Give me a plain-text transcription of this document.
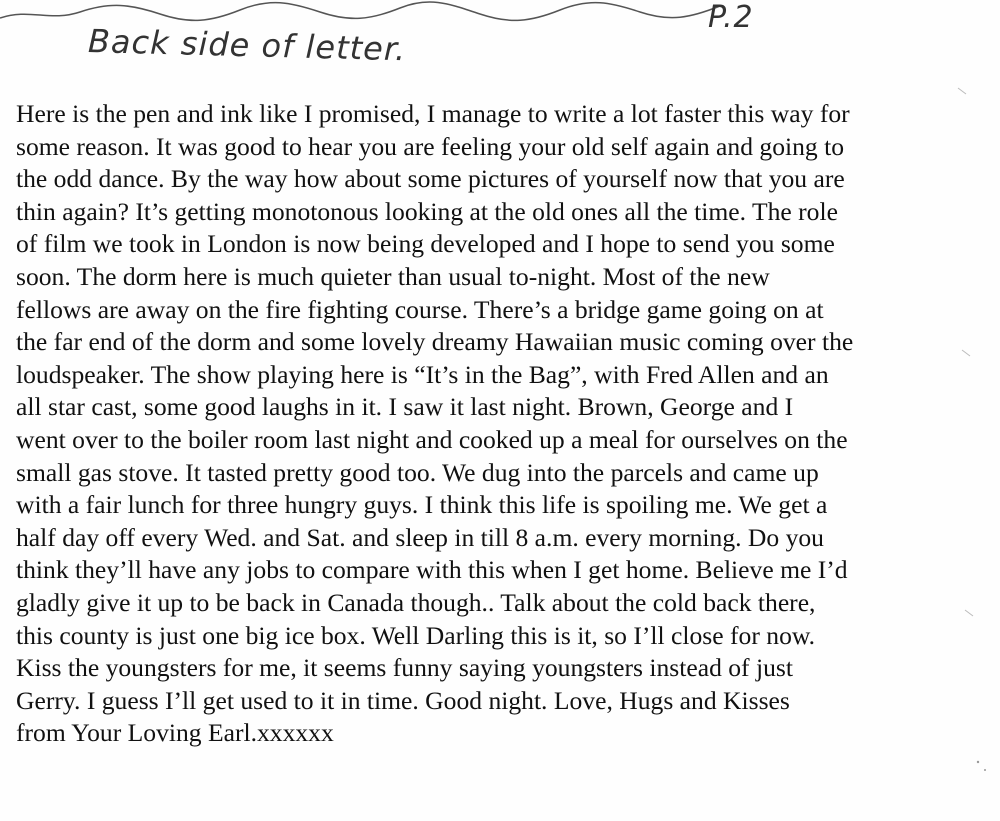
Back side of letter.
P.2
Here is the pen and ink like I promised, I manage to write a lot faster this way for
some reason. It was good to hear you are feeling your old self again and going to
the odd dance. By the way how about some pictures of yourself now that you are
thin again? It’s getting monotonous looking at the old ones all the time. The role
of film we took in London is now being developed and I hope to send you some
soon. The dorm here is much quieter than usual to-night. Most of the new
fellows are away on the fire fighting course. There’s a bridge game going on at
the far end of the dorm and some lovely dreamy Hawaiian music coming over the
loudspeaker. The show playing here is “It’s in the Bag”, with Fred Allen and an
all star cast, some good laughs in it. I saw it last night. Brown, George and I
went over to the boiler room last night and cooked up a meal for ourselves on the
small gas stove. It tasted pretty good too. We dug into the parcels and came up
with a fair lunch for three hungry guys. I think this life is spoiling me. We get a
half day off every Wed. and Sat. and sleep in till 8 a.m. every morning. Do you
think they’ll have any jobs to compare with this when I get home. Believe me I’d
gladly give it up to be back in Canada though.. Talk about the cold back there,
this county is just one big ice box. Well Darling this is it, so I’ll close for now.
Kiss the youngsters for me, it seems funny saying youngsters instead of just
Gerry. I guess I’ll get used to it in time. Good night. Love, Hugs and Kisses
from Your Loving Earl.xxxxxx
